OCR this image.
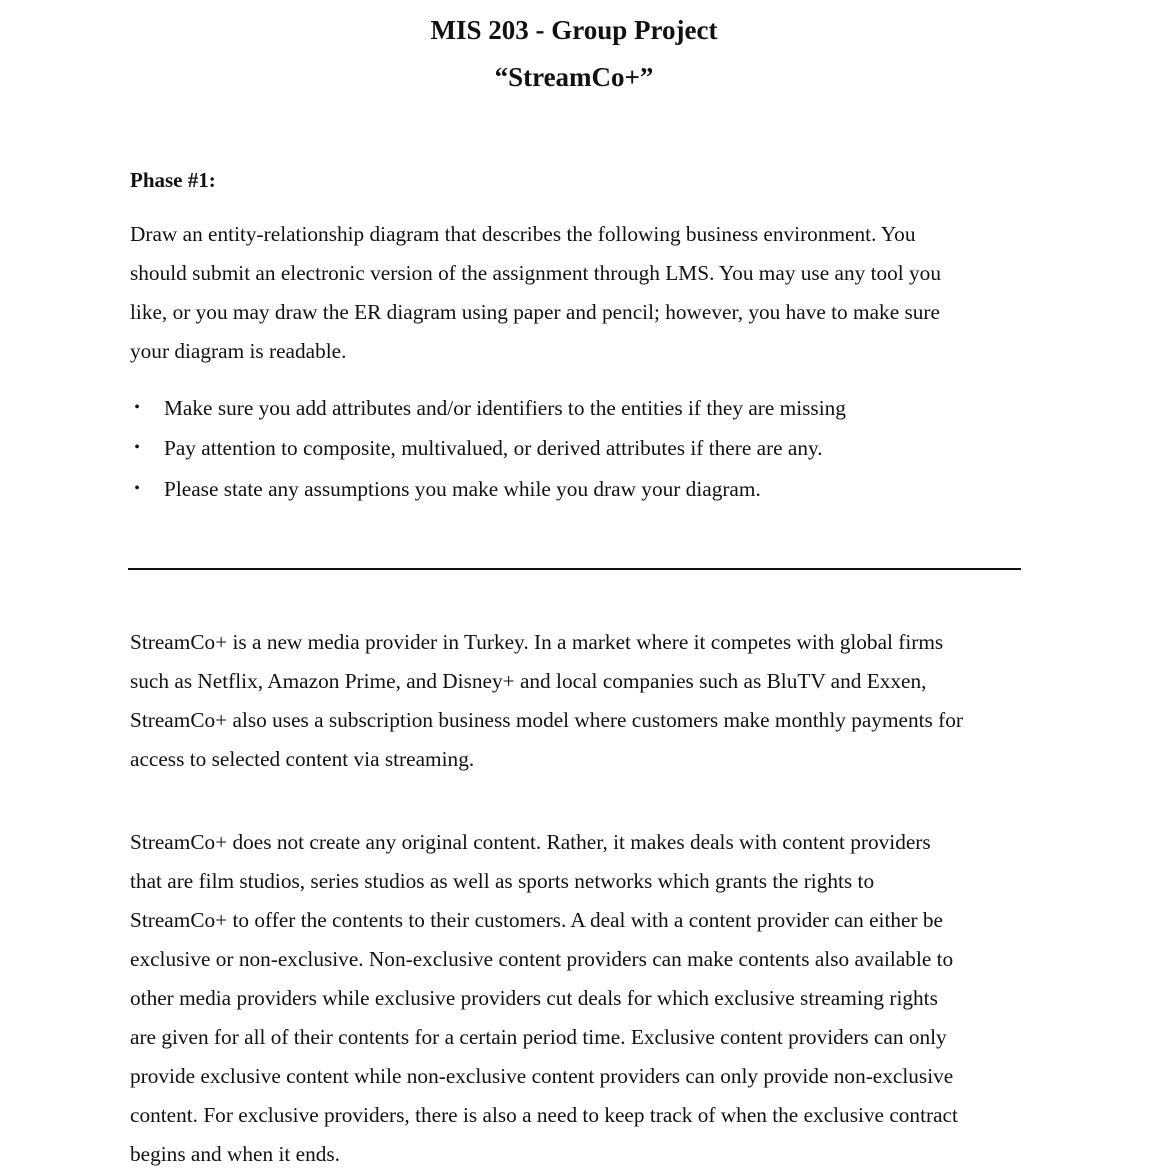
MIS 203 - Group Project
“StreamCo+”
Phase #1:

Draw an entity-relationship diagram that describes the following business environment. You
should submit an electronic version of the assignment through LMS. You may use any tool you
like, or you may draw the ER diagram using paper and pencil; however, you have to make sure
your diagram is readable.

• Make sure you add attributes and/or identifiers to the entities if they are missing
• Pay attention to composite, multivalued, or derived attributes if there are any.
• Please state any assumptions you make while you draw your diagram.

StreamCo+ is a new media provider in Turkey. In a market where it competes with global firms
such as Netflix, Amazon Prime, and Disney+ and local companies such as BluTV and Exxen,
StreamCo+ also uses a subscription business model where customers make monthly payments for
access to selected content via streaming.

StreamCo+ does not create any original content. Rather, it makes deals with content providers
that are film studios, series studios as well as sports networks which grants the rights to
StreamCo+ to offer the contents to their customers. A deal with a content provider can either be
exclusive or non-exclusive. Non-exclusive content providers can make contents also available to
other media providers while exclusive providers cut deals for which exclusive streaming rights
are given for all of their contents for a certain period time. Exclusive content providers can only
provide exclusive content while non-exclusive content providers can only provide non-exclusive
content. For exclusive providers, there is also a need to keep track of when the exclusive contract
begins and when it ends.
